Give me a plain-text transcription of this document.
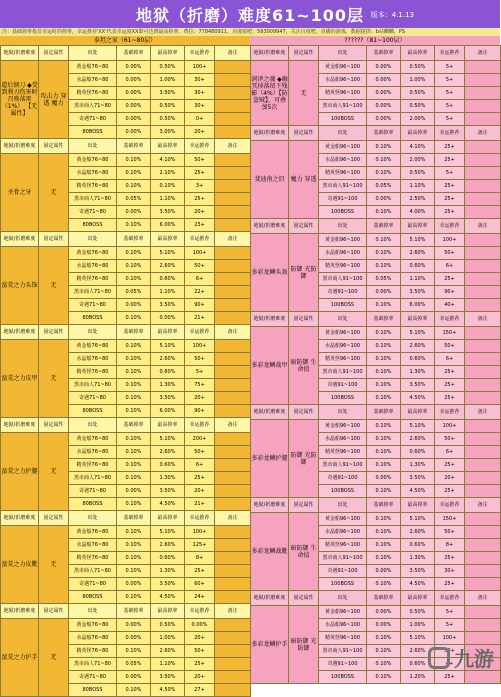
地狱（折磨）难度61~100层 版本：4.1.13
注：基础掉率指非幸运时的掉率，幸运推荐'XX'代表幸运度XX即可达到最高掉率。费拉：778480911，百度贴吧：593009947，关注百度吧，直播的游戏，数据提供：b站麟麟，PS
泰坦之家（61~80层）	??????（81~100层）
地狱/折磨难度	固定属性	出处	基础掉率	最高掉率	幸运推荐	备注
道后钢刀 ◆受到利刃伤害时召唤落雷（1%） 【无属性】	攻击力 穿透 魔力	黄金船76~80	0.00%	0.50%	100+	
		水晶船76~80	0.00%	1.00%	30+	
		精英怪76~80	0.00%	3.50%	30+	
		黑市商人71~80	0.00%	0.50%	30+	
		奇遇71~80	0.00%	0.50%	0+	
		80BOSS	0.00%	3.00%	20+	
地狱/折磨难度	固定属性	出处	基础掉率	最高掉率	幸运推荐	备注
圣骨之牙	无	黄金船76~80	0.10%	4.10%	50+	
		水晶船76~80	0.10%	2.10%	25+	
		精英怪76~80	0.10%	0.10%	3+	
		黑市商人71~80	0.05%	1.10%	25+	
		奇遇71~80	0.00%	3.50%	20+	
		80BOSS	0.10%	6.00%	23+	
地狱/折磨难度	固定属性	出处	基础掉率	最高掉率	幸运推荐	备注
蛮荒之力头饰	无	黄金船76~80	0.10%	5.10%	100+	
		水晶船76~80	0.10%	2.60%	50+	
		精英怪76~80	0.10%	0.60%	6+	
		黑市商人71~80	0.05%	1.10%	22+	
		奇遇71~80	0.00%	3.50%	90+	
		80BOSS	0.10%	0.00%	21+	
地狱/折磨难度	固定属性	出处	基础掉率	最高掉率	幸运推荐	备注
蛮荒之力皮甲	无	黄金船76~80	0.10%	5.10%	100+	
		水晶船76~80	0.10%	2.60%	50+	
		精英怪76~80	0.10%	0.60%	5+	
		黑市商人71~80	0.10%	1.30%	75+	
		奇遇71~80	0.10%	3.50%	20+	
		80BOSS	0.10%	6.00%	90+	
地狱/折磨难度	固定属性	出处	基础掉率	最高掉率	幸运推荐	备注
蛮荒之力护腿	无	黄金船76~80	0.10%	5.10%	200+	
		水晶船76~80	0.10%	2.60%	50+	
		精英怪76~80	0.10%	0.60%	6+	
		黑市商人71~80	0.10%	1.30%	25+	
		奇遇71~80	0.00%	3.50%	20+	
		80BOSS	0.10%	4.50%	21+	
地狱/折磨难度	固定属性	出处	基础掉率	最高掉率	幸运推荐	备注
蛮荒之力皮靴	无	黄金船76~80	0.10%	5.10%	100+	
		水晶船76~80	0.10%	2.60%	125+	
		精英怪76~80	0.10%	0.60%	8+	
		黑市商人71~80	0.10%	1.30%	25+	
		奇遇71~80	0.00%	3.50%	60+	
		80BOSS	0.10%	4.50%	24+	
地狱/折磨难度	固定属性	出处	基础掉率	最高掉率	幸运推荐	备注
蛮荒之力护手	无	黄金船76~80	0.00%	0.50%	0.00%	
		水晶船76~80	0.00%	1.00%	20+	
		精英怪76~80	0.10%	2.60%	50+	
		黑市商人71~80	0.05%	1.10%	25+	
		奇遇71~80	0.00%	3.50%	20+	
		80BOSS	0.10%	4.50%	27+	
地狱/折磨难度	固定属性	出处	基础掉率	最高掉率	幸运推荐	备注
润泽之魂 ◆幽冥掉落留下残影（4%）【防盗贼】，可叠加5次	无	黄金船96~100	0.00%	0.50%	5+	
		水晶船96~100	0.00%	1.00%	5+	
		精英怪96~100	0.00%	0.50%	5+	
		黑市商人91~100	0.00%	0.50%	5+	
		100BOSS	0.00%	2.00%	5+	
地狱/折磨难度	固定属性	出处	基础掉率	最高掉率	幸运推荐	备注
斐迪南之旧	魔力 穿透	黄金船96~100	0.10%	4.10%	25+	
		水晶船96~100	0.10%	2.00%	25+	
		精英怪96~100	0.10%	0.50%	5+	
		黑市商人91~100	0.05%	1.10%	25+	
		奇遇91~100	0.00%	2.50%	25+	
		100BOSS	0.10%	4.00%	25+	
地狱/折磨难度	固定属性	出处	基础掉率	最高掉率	幸运推荐	备注
多彩龙鳞头盔	防御 光防御	黄金船96~100	0.10%	5.10%	100+	
		水晶船96~100	0.10%	2.60%	50+	
		精英怪96~100	0.10%	0.60%	6+	
		黑市商人91~100	0.05%	1.10%	25+	
		奇遇91~100	0.00%	3.50%	90+	
		100BOSS	0.10%	6.00%	40+	
地狱/折磨难度	固定属性	出处	基础掉率	最高掉率	幸运推荐	备注
多彩龙鳞战甲	暗防御 生命值	黄金船96~100	0.10%	5.10%	150+	
		水晶船96~100	0.10%	2.60%	50+	
		精英怪96~100	0.10%	0.60%	6+	
		黑市商人91~100	0.10%	1.30%	25+	
		奇遇91~100	0.10%	3.50%	25+	
		100BOSS	0.10%	4.50%	25+	
地狱/折磨难度	固定属性	出处	基础掉率	最高掉率	幸运推荐	备注
多彩龙鳞护腿	防御 光防御	黄金船96~100	0.10%	5.10%	100+	
		水晶船96~100	0.10%	2.60%	50+	
		精英怪96~100	0.10%	0.60%	6+	
		黑市商人91~100	0.10%	1.30%	25+	
		奇遇91~100	0.00%	3.50%	20+	
		100BOSS	0.10%	4.50%	25+	
地狱/折磨难度	固定属性	出处	基础掉率	最高掉率	幸运推荐	备注
多彩龙鳞战靴	暗防御 生命值	黄金船96~100	0.10%	5.10%	150+	
		水晶船96~100	0.10%	2.60%	50+	
		精英怪96~100	0.10%	0.60%	8+	
		黑市商人91~100	0.10%	1.30%	25+	
		奇遇91~100	0.00%	3.50%	30+	
		100BOSS	0.10%	4.50%	25+	
地狱/折磨难度	固定属性	出处	基础掉率	最高掉率	幸运推荐	备注
多彩龙鳞护手	暗防御 光防御	黄金船96~100	0.00%	0.50%	5+	
		水晶船96~100	0.00%	1.00%	5+	
		精英怪96~100	0.10%	5.10%	100+	
		黑市商人91~100	0.10%	2.60%	50+	
		奇遇91~100	0.10%	0.60%	4+	
		100BOSS	0.10%	1.20%	25+	
九游
